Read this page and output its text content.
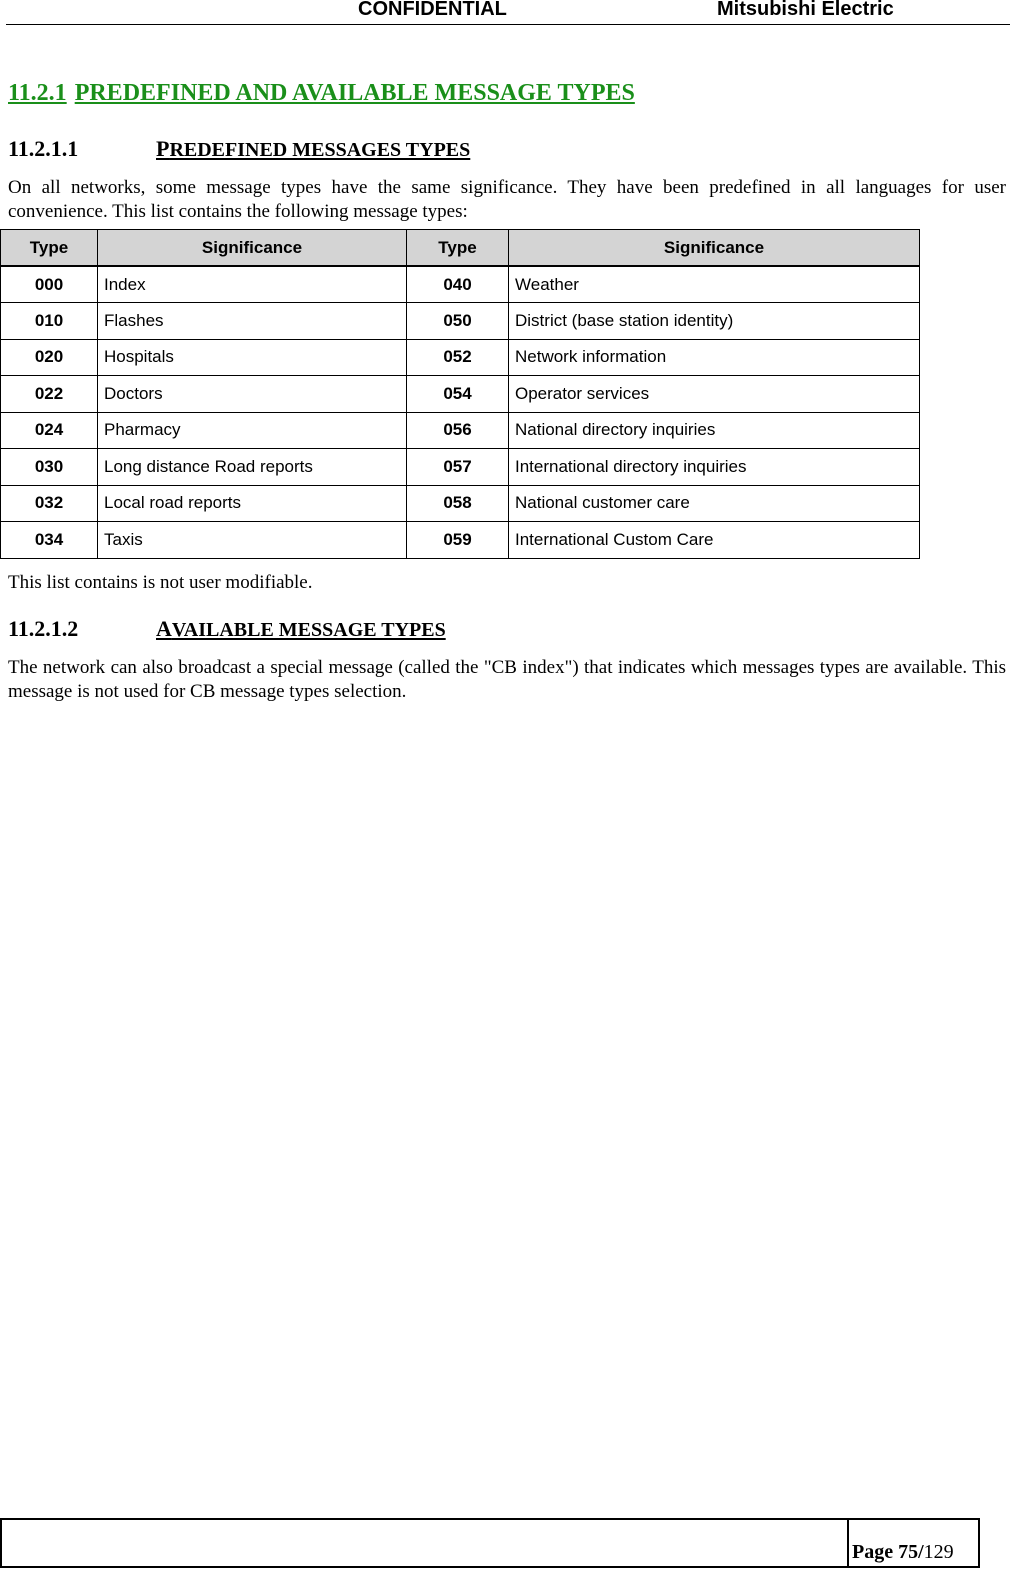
CONFIDENTIAL	Mitsubishi Electric
11.2.1 PREDEFINED AND AVAILABLE MESSAGE TYPES
11.2.1.1	PREDEFINED MESSAGES TYPES
On all networks, some message types have the same significance. They have been predefined in all languages for user convenience. This list contains the following message types:
Type	Significance	Type	Significance
000	Index	040	Weather
010	Flashes	050	District (base station identity)
020	Hospitals	052	Network information
022	Doctors	054	Operator services
024	Pharmacy	056	National directory inquiries
030	Long distance Road reports	057	International directory inquiries
032	Local road reports	058	National customer care
034	Taxis	059	International Custom Care
This list contains is not user modifiable.
11.2.1.2	AVAILABLE MESSAGE TYPES
The network can also broadcast a special message (called the "CB index") that indicates which messages types are available. This message is not used for CB message types selection.
Page 75/129
